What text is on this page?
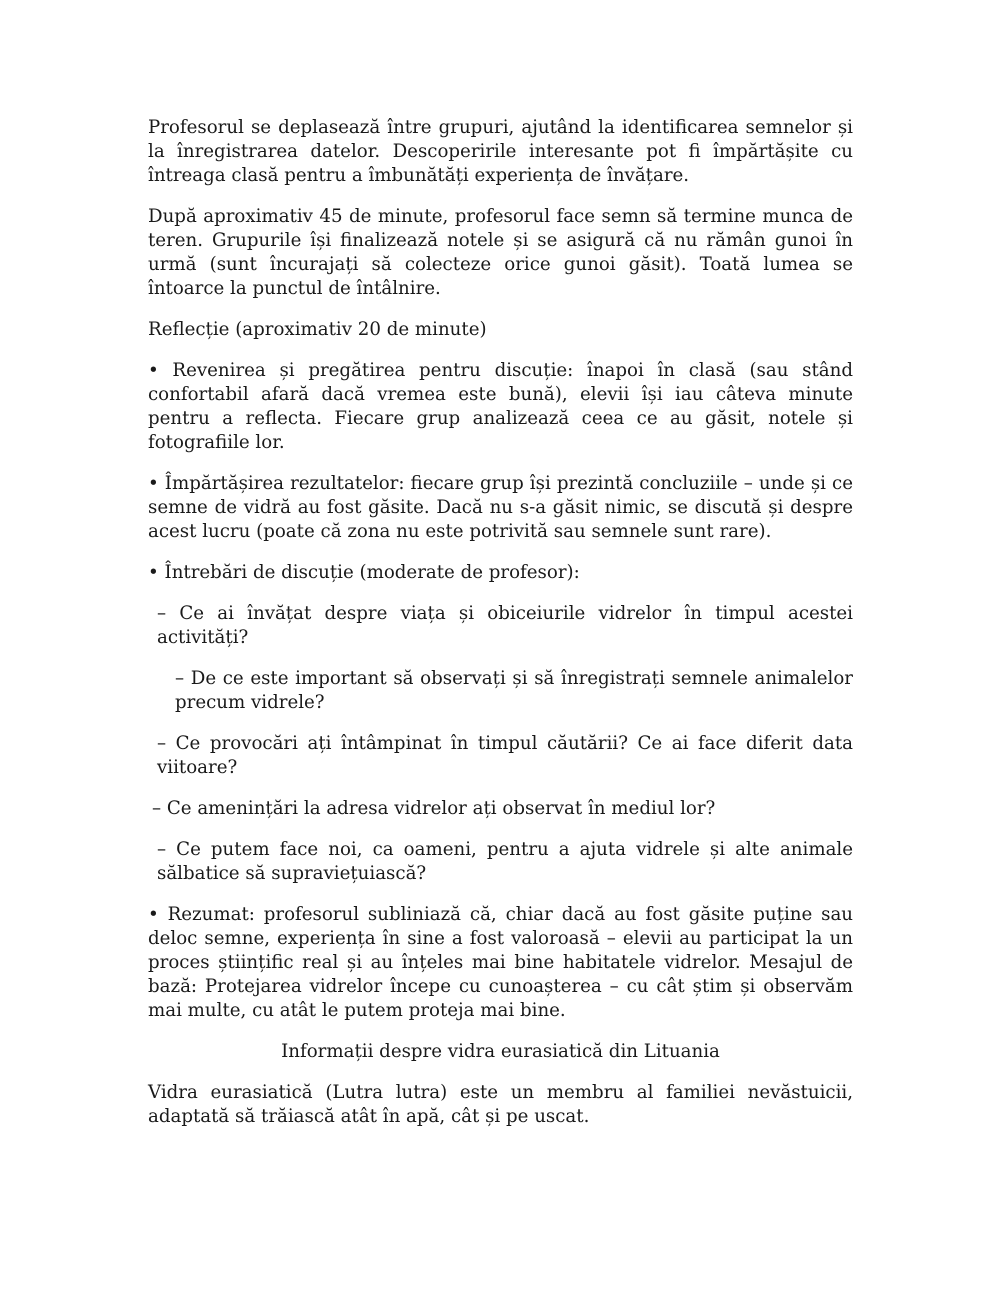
Profesorul se deplasează între grupuri, ajutând la identificarea semnelor și la înregistrarea datelor. Descoperirile interesante pot fi împărtășite cu întreaga clasă pentru a îmbunătăți experiența de învățare.

După aproximativ 45 de minute, profesorul face semn să termine munca de teren. Grupurile își finalizează notele și se asigură că nu rămân gunoi în urmă (sunt încurajați să colecteze orice gunoi găsit). Toată lumea se întoarce la punctul de întâlnire.

Reflecție (aproximativ 20 de minute)

• Revenirea și pregătirea pentru discuție: înapoi în clasă (sau stând confortabil afară dacă vremea este bună), elevii își iau câteva minute pentru a reflecta. Fiecare grup analizează ceea ce au găsit, notele și fotografiile lor.

• Împărtășirea rezultatelor: fiecare grup își prezintă concluziile – unde și ce semne de vidră au fost găsite. Dacă nu s-a găsit nimic, se discută și despre acest lucru (poate că zona nu este potrivită sau semnele sunt rare).

• Întrebări de discuție (moderate de profesor):

– Ce ai învățat despre viața și obiceiurile vidrelor în timpul acestei activități?

– De ce este important să observați și să înregistrați semnele animalelor precum vidrele?

– Ce provocări ați întâmpinat în timpul căutării? Ce ai face diferit data viitoare?

– Ce amenințări la adresa vidrelor ați observat în mediul lor?

– Ce putem face noi, ca oameni, pentru a ajuta vidrele și alte animale sălbatice să supraviețuiască?

• Rezumat: profesorul subliniază că, chiar dacă au fost găsite puține sau deloc semne, experiența în sine a fost valoroasă – elevii au participat la un proces științific real și au înțeles mai bine habitatele vidrelor. Mesajul de bază: Protejarea vidrelor începe cu cunoașterea – cu cât știm și observăm mai multe, cu atât le putem proteja mai bine.

Informații despre vidra eurasiatică din Lituania

Vidra eurasiatică (Lutra lutra) este un membru al familiei nevăstuicii, adaptată să trăiască atât în apă, cât și pe uscat.
